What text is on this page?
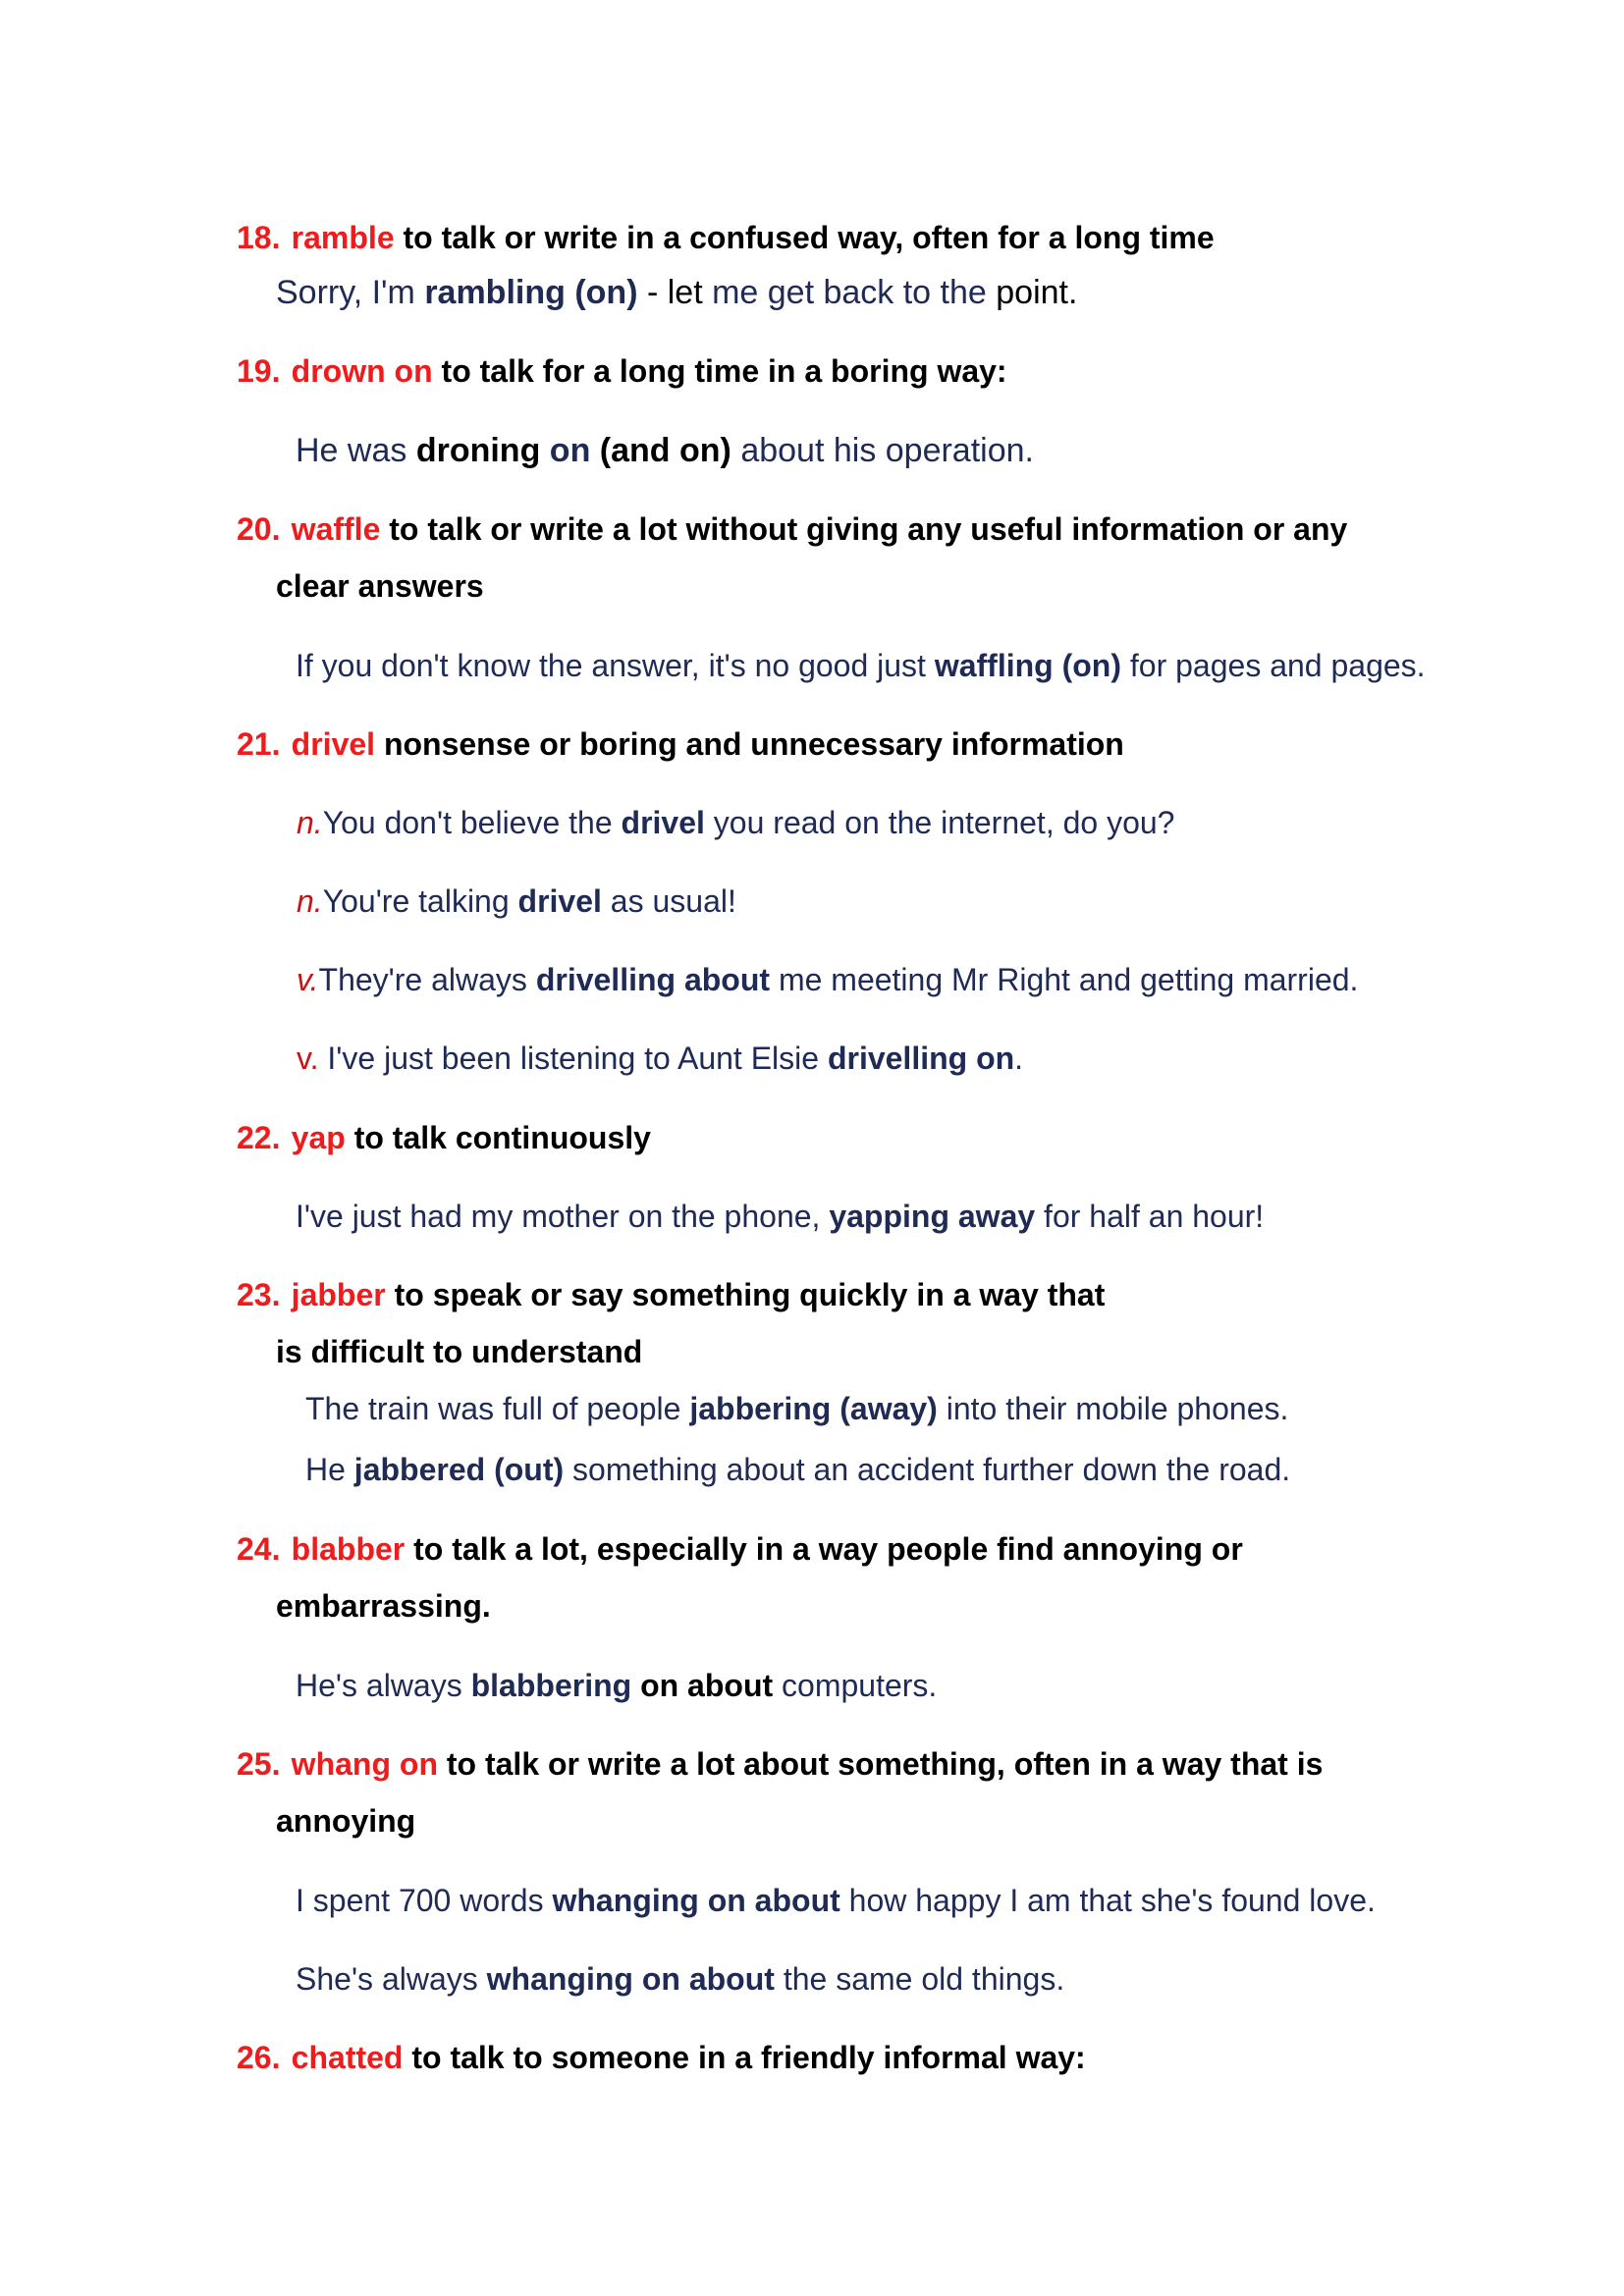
18. ramble to talk or write in a confused way, often for a long time
Sorry, I'm rambling (on) - let me get back to the point.
19. drown on to talk for a long time in a boring way:
He was droning on (and on) about his operation.
20. waffle to talk or write a lot without giving any useful information or any
clear answers
If you don't know the answer, it's no good just waffling (on) for pages and pages.
21. drivel nonsense or boring and unnecessary information
n.You don't believe the drivel you read on the internet, do you?
n.You're talking drivel as usual!
v.They're always drivelling about me meeting Mr Right and getting married.
v. I've just been listening to Aunt Elsie drivelling on.
22. yap to talk continuously
I've just had my mother on the phone, yapping away for half an hour!
23. jabber to speak or say something quickly in a way that
is difficult to understand
The train was full of people jabbering (away) into their mobile phones.
He jabbered (out) something about an accident further down the road.
24. blabber to talk a lot, especially in a way people find annoying or
embarrassing.
He's always blabbering on about computers.
25. whang on to talk or write a lot about something, often in a way that is
annoying
I spent 700 words whanging on about how happy I am that she's found love.
She's always whanging on about the same old things.
26. chatted to talk to someone in a friendly informal way:
